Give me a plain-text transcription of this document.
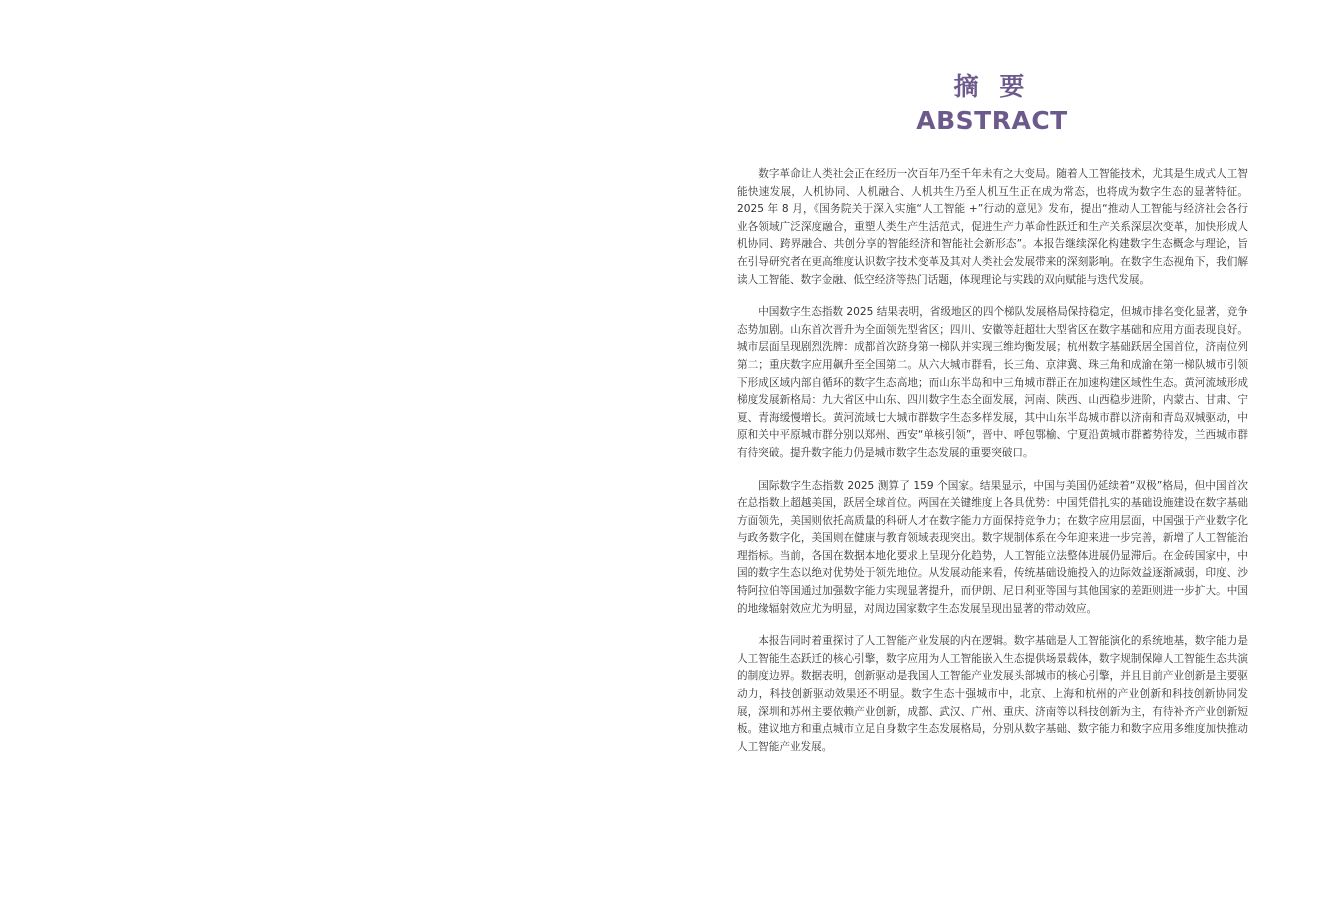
摘 要
ABSTRACT

数字革命让人类社会正在经历一次百年乃至千年未有之大变局。随着人工智能技术，尤其是生成式人工智能快速发展，人机协同、人机融合、人机共生乃至人机互生正在成为常态，也将成为数字生态的显著特征。2025 年 8 月，《国务院关于深入实施“人工智能 +”行动的意见》发布，提出“推动人工智能与经济社会各行业各领域广泛深度融合，重塑人类生产生活范式，促进生产力革命性跃迁和生产关系深层次变革，加快形成人机协同、跨界融合、共创分享的智能经济和智能社会新形态”。本报告继续深化构建数字生态概念与理论，旨在引导研究者在更高维度认识数字技术变革及其对人类社会发展带来的深刻影响。在数字生态视角下，我们解读人工智能、数字金融、低空经济等热门话题，体现理论与实践的双向赋能与迭代发展。

中国数字生态指数 2025 结果表明，省级地区的四个梯队发展格局保持稳定，但城市排名变化显著，竞争态势加剧。山东首次晋升为全面领先型省区；四川、安徽等赶超壮大型省区在数字基础和应用方面表现良好。城市层面呈现剧烈洗牌：成都首次跻身第一梯队并实现三维均衡发展；杭州数字基础跃居全国首位，济南位列第二；重庆数字应用飙升至全国第二。从六大城市群看，长三角、京津冀、珠三角和成渝在第一梯队城市引领下形成区域内部自循环的数字生态高地；而山东半岛和中三角城市群正在加速构建区域性生态。黄河流域形成梯度发展新格局：九大省区中山东、四川数字生态全面发展，河南、陕西、山西稳步进阶，内蒙古、甘肃、宁夏、青海缓慢增长。黄河流域七大城市群数字生态多样发展，其中山东半岛城市群以济南和青岛双城驱动，中原和关中平原城市群分别以郑州、西安“单核引领”，晋中、呼包鄂榆、宁夏沿黄城市群蓄势待发，兰西城市群有待突破。提升数字能力仍是城市数字生态发展的重要突破口。

国际数字生态指数 2025 测算了 159 个国家。结果显示，中国与美国仍延续着“双极”格局，但中国首次在总指数上超越美国，跃居全球首位。两国在关键维度上各具优势：中国凭借扎实的基础设施建设在数字基础方面领先，美国则依托高质量的科研人才在数字能力方面保持竞争力；在数字应用层面，中国强于产业数字化与政务数字化，美国则在健康与教育领域表现突出。数字规制体系在今年迎来进一步完善，新增了人工智能治理指标。当前，各国在数据本地化要求上呈现分化趋势，人工智能立法整体进展仍显滞后。在金砖国家中，中国的数字生态以绝对优势处于领先地位。从发展动能来看，传统基础设施投入的边际效益逐渐减弱，印度、沙特阿拉伯等国通过加强数字能力实现显著提升，而伊朗、尼日利亚等国与其他国家的差距则进一步扩大。中国的地缘辐射效应尤为明显，对周边国家数字生态发展呈现出显著的带动效应。

本报告同时着重探讨了人工智能产业发展的内在逻辑。数字基础是人工智能演化的系统地基，数字能力是人工智能生态跃迁的核心引擎，数字应用为人工智能嵌入生态提供场景载体，数字规制保障人工智能生态共演的制度边界。数据表明，创新驱动是我国人工智能产业发展头部城市的核心引擎，并且目前产业创新是主要驱动力，科技创新驱动效果还不明显。数字生态十强城市中，北京、上海和杭州的产业创新和科技创新协同发展，深圳和苏州主要依赖产业创新，成都、武汉、广州、重庆、济南等以科技创新为主，有待补齐产业创新短板。建议地方和重点城市立足自身数字生态发展格局，分别从数字基础、数字能力和数字应用多维度加快推动人工智能产业发展。
